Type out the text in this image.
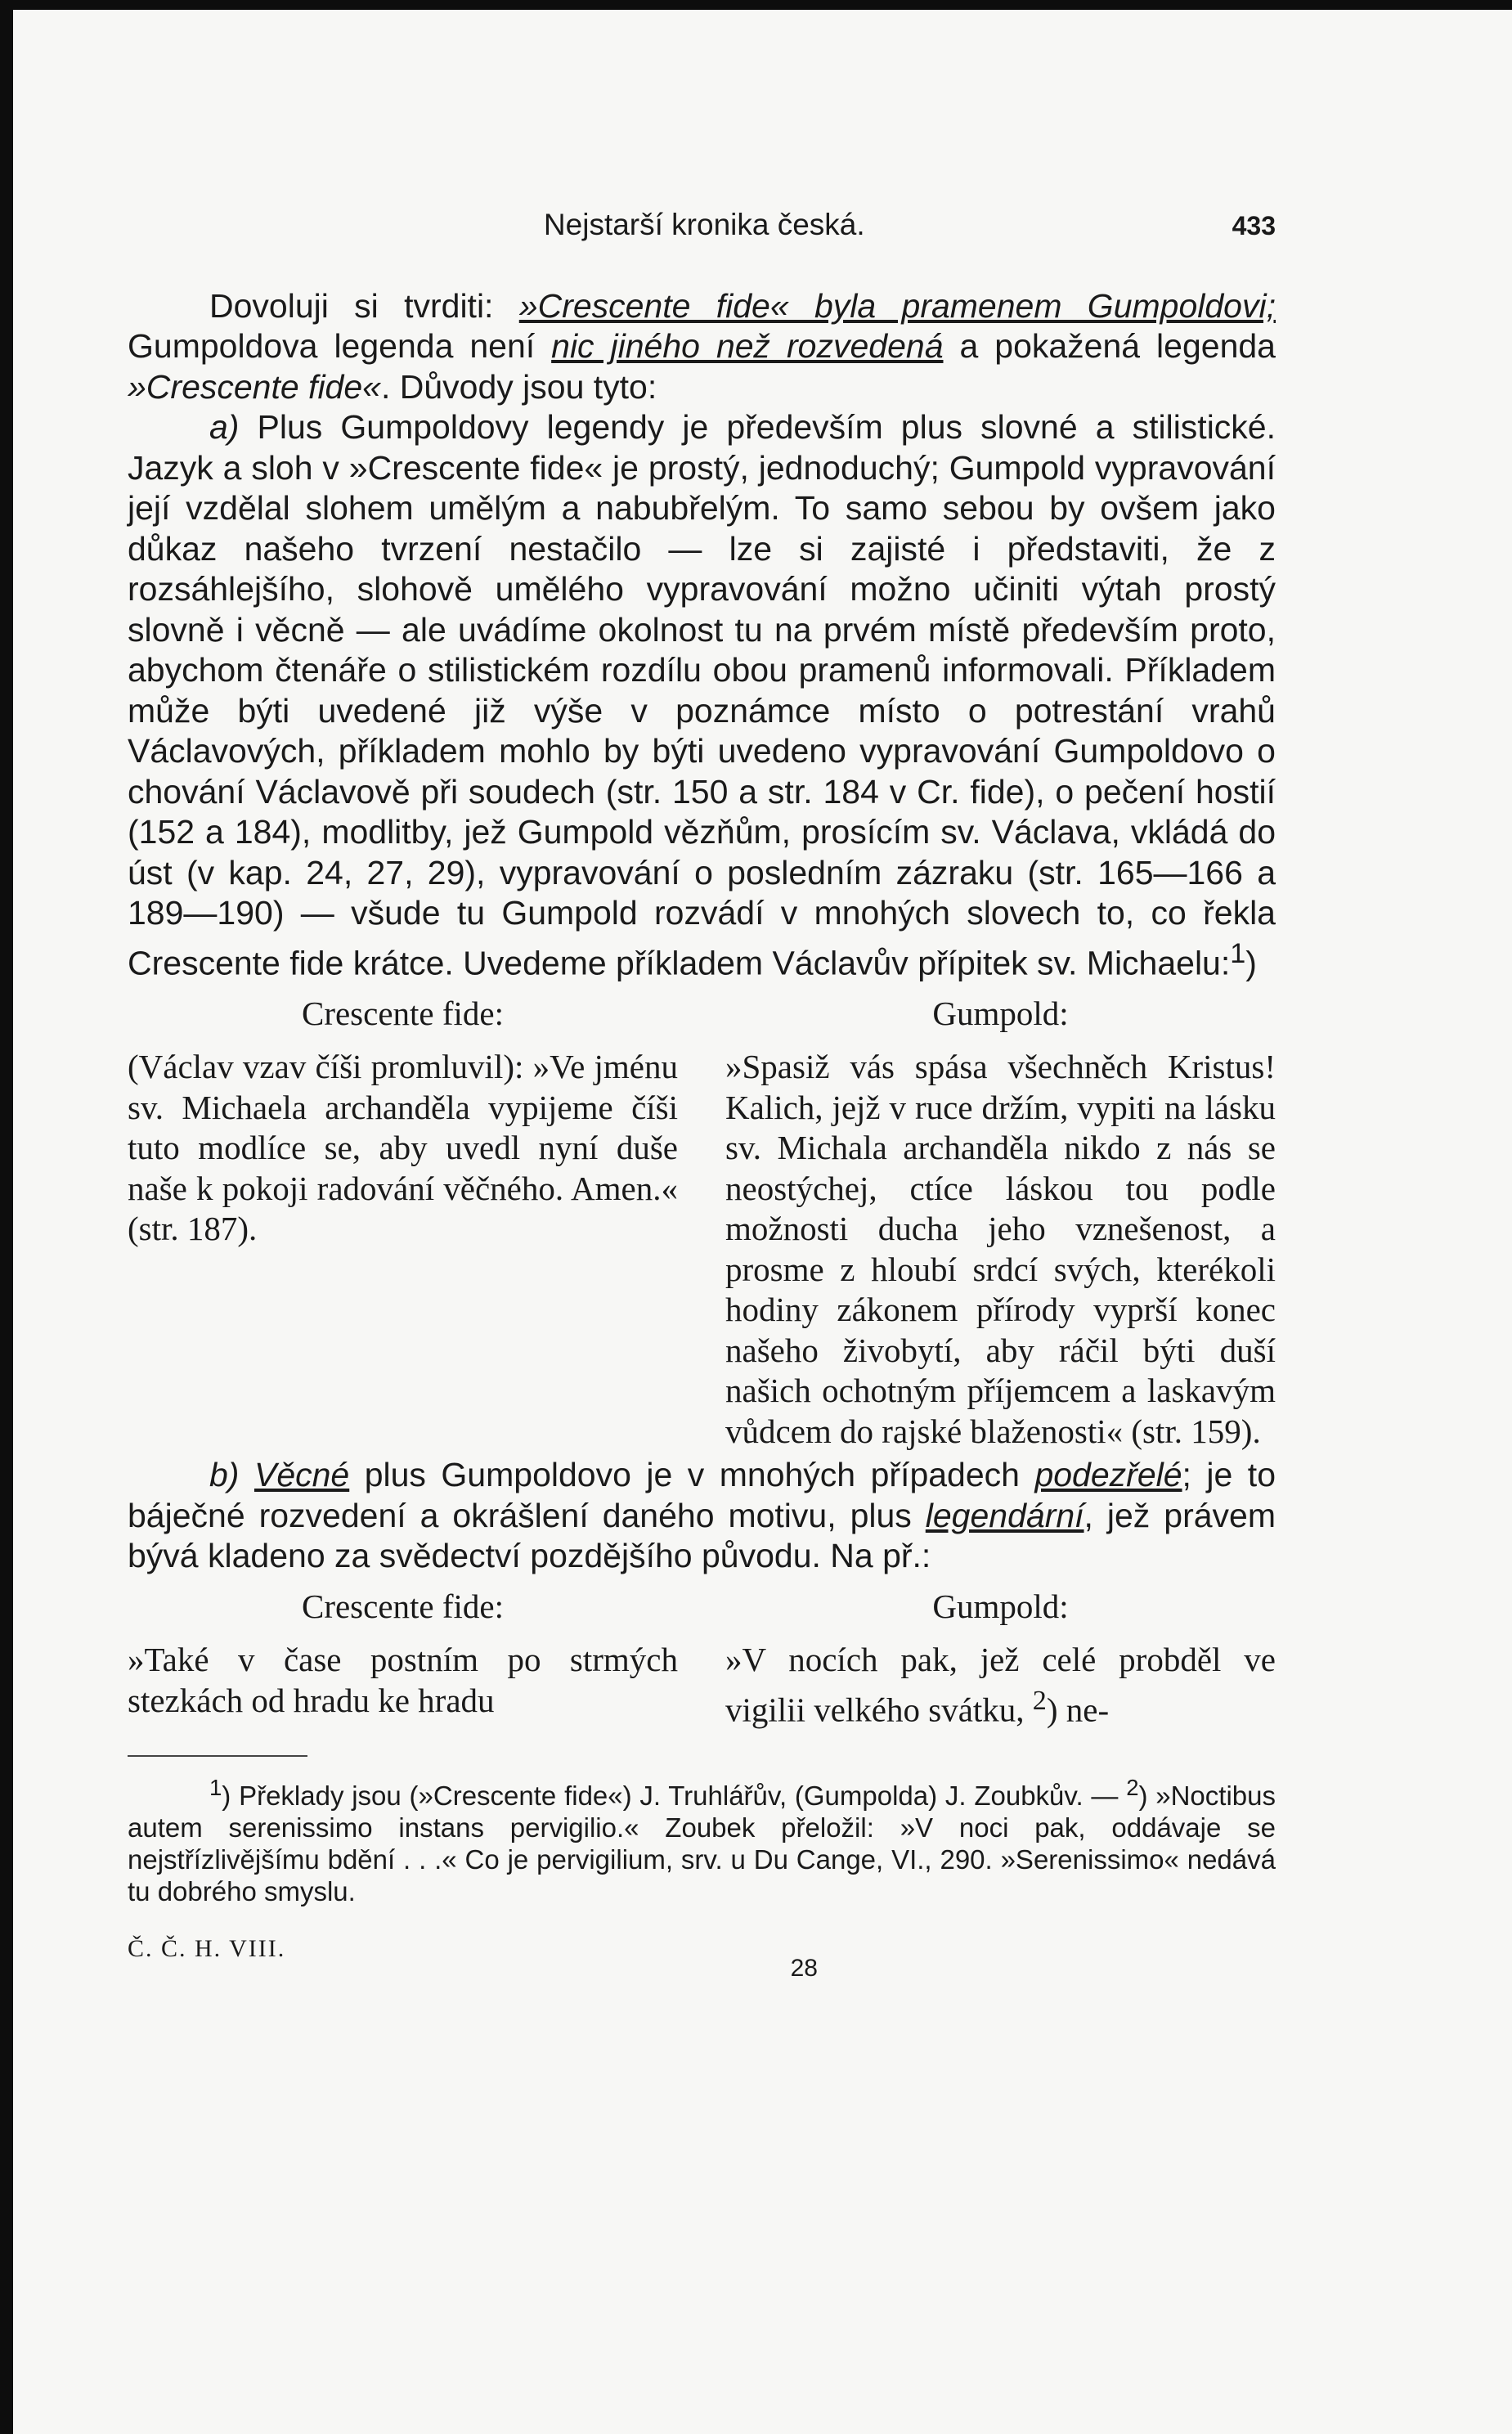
Nejstarší kronika česká.	433

Dovoluji si tvrditi: »Crescente fide« byla pramenem Gumpoldovi; Gumpoldova legenda není nic jiného než rozvedená a pokažená legenda »Crescente fide«. Důvody jsou tyto:

a) Plus Gumpoldovy legendy je především plus slovné a stilistické. Jazyk a sloh v »Crescente fide« je prostý, jednoduchý; Gumpold vypravování její vzdělal slohem umělým a nabubřelým. To samo sebou by ovšem jako důkaz našeho tvrzení nestačilo — lze si zajisté i představiti, že z rozsáhlejšího, slohově umělého vypravování možno učiniti výtah prostý slovně i věcně — ale uvádíme okolnost tu na prvém místě především proto, abychom čtenáře o stilistickém rozdílu obou pramenů informovali. Příkladem může býti uvedené již výše v poznámce místo o potrestání vrahů Václavových, příkladem mohlo by býti uvedeno vypravování Gumpoldovo o chování Václavově při soudech (str. 150 a str. 184 v Cr. fide), o pečení hostií (152 a 184), modlitby, jež Gumpold vězňům, prosícím sv. Václava, vkládá do úst (v kap. 24, 27, 29), vypravování o posledním zázraku (str. 165—166 a 189—190) — všude tu Gumpold rozvádí v mnohých slovech to, co řekla Crescente fide krátce. Uvedeme příkladem Václavův přípitek sv. Michaelu:$^1$)

Crescente fide:

(Václav vzav číši promluvil): »Ve jménu sv. Michaela archanděla vypijeme číši tuto modlíce se, aby uvedl nyní duše naše k pokoji radování věčného. Amen.« (str. 187).

Gumpold:

»Spasiž vás spása všechněch Kristus! Kalich, jejž v ruce držím, vypiti na lásku sv. Michala archanděla nikdo z nás se neostýchej, ctíce láskou tou podle možnosti ducha jeho vznešenost, a prosme z hloubí srdcí svých, kterékoli hodiny zákonem přírody vyprší konec našeho živobytí, aby ráčil býti duší našich ochotným příjemcem a laskavým vůdcem do rajské blaženosti« (str. 159).

b) Věcné plus Gumpoldovo je v mnohých případech podezřelé; je to báječné rozvedení a okrášlení daného motivu, plus legendární, jež právem bývá kladeno za svědectví pozdějšího původu. Na př.:

Crescente fide:

»Také v čase postním po strmých stezkách od hradu ke hradu

Gumpold:

»V nocích pak, jež celé probděl ve vigilii velkého svátku, $^2$) ne-

$^1$) Překlady jsou (»Crescente fide«) J. Truhlářův, (Gumpolda) J. Zoubkův. — $^2$) »Noctibus autem serenissimo instans pervigilio.« Zoubek přeložil: »V noci pak, oddávaje se nejstřízlivějšímu bdění . . .« Co je pervigilium, srv. u Du Cange, VI., 290. »Serenissimo« nedává tu dobrého smyslu.

Č. Č. H. VIII.
28
